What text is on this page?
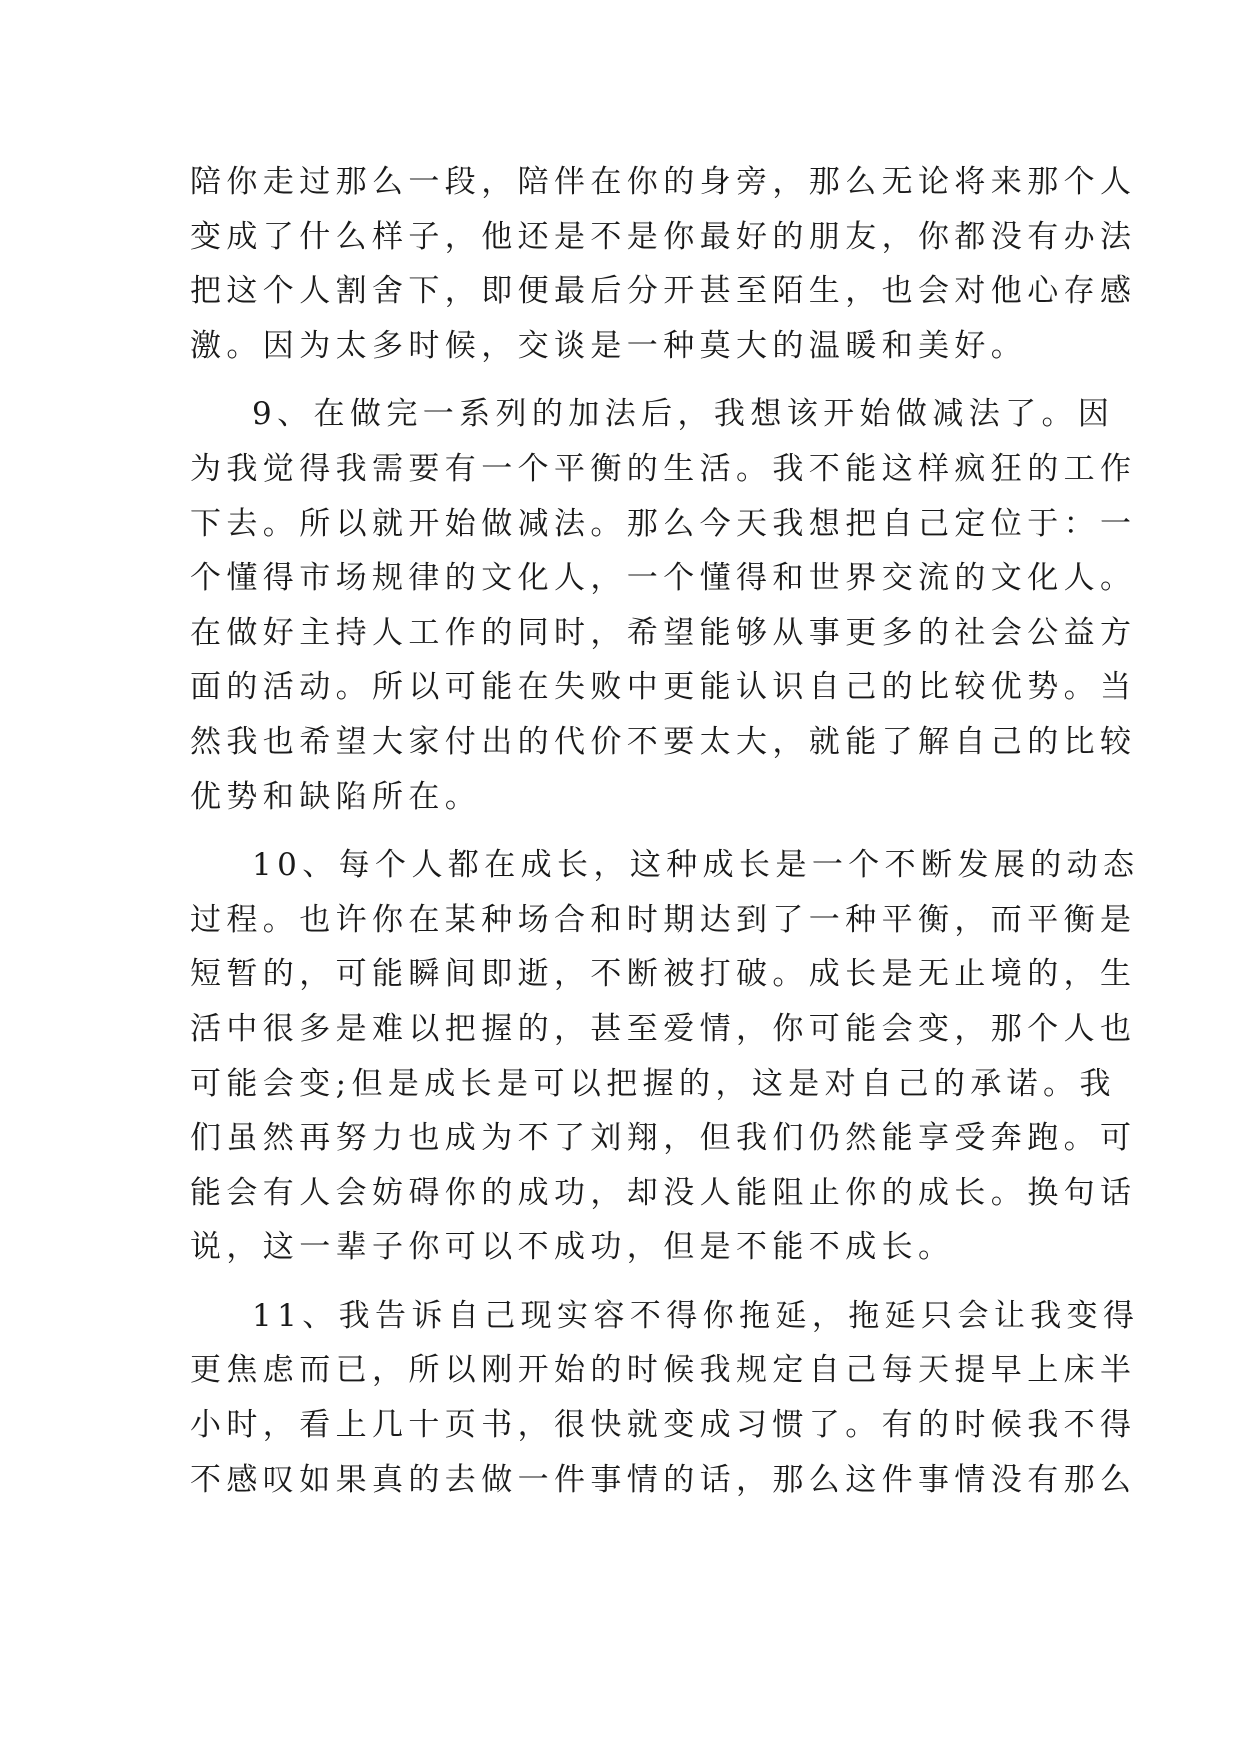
陪你走过那么一段，陪伴在你的身旁，那么无论将来那个人
变成了什么样子，他还是不是你最好的朋友，你都没有办法
把这个人割舍下，即便最后分开甚至陌生，也会对他心存感
激。因为太多时候，交谈是一种莫大的温暖和美好。
9、在做完一系列的加法后，我想该开始做减法了。因
为我觉得我需要有一个平衡的生活。我不能这样疯狂的工作
下去。所以就开始做减法。那么今天我想把自己定位于：一
个懂得市场规律的文化人，一个懂得和世界交流的文化人。
在做好主持人工作的同时，希望能够从事更多的社会公益方
面的活动。所以可能在失败中更能认识自己的比较优势。当
然我也希望大家付出的代价不要太大，就能了解自己的比较
优势和缺陷所在。
10、每个人都在成长，这种成长是一个不断发展的动态
过程。也许你在某种场合和时期达到了一种平衡，而平衡是
短暂的，可能瞬间即逝，不断被打破。成长是无止境的，生
活中很多是难以把握的，甚至爱情，你可能会变，那个人也
可能会变;但是成长是可以把握的，这是对自己的承诺。我
们虽然再努力也成为不了刘翔，但我们仍然能享受奔跑。可
能会有人会妨碍你的成功，却没人能阻止你的成长。换句话
说，这一辈子你可以不成功，但是不能不成长。
11、我告诉自己现实容不得你拖延，拖延只会让我变得
更焦虑而已，所以刚开始的时候我规定自己每天提早上床半
小时，看上几十页书，很快就变成习惯了。有的时候我不得
不感叹如果真的去做一件事情的话，那么这件事情没有那么
